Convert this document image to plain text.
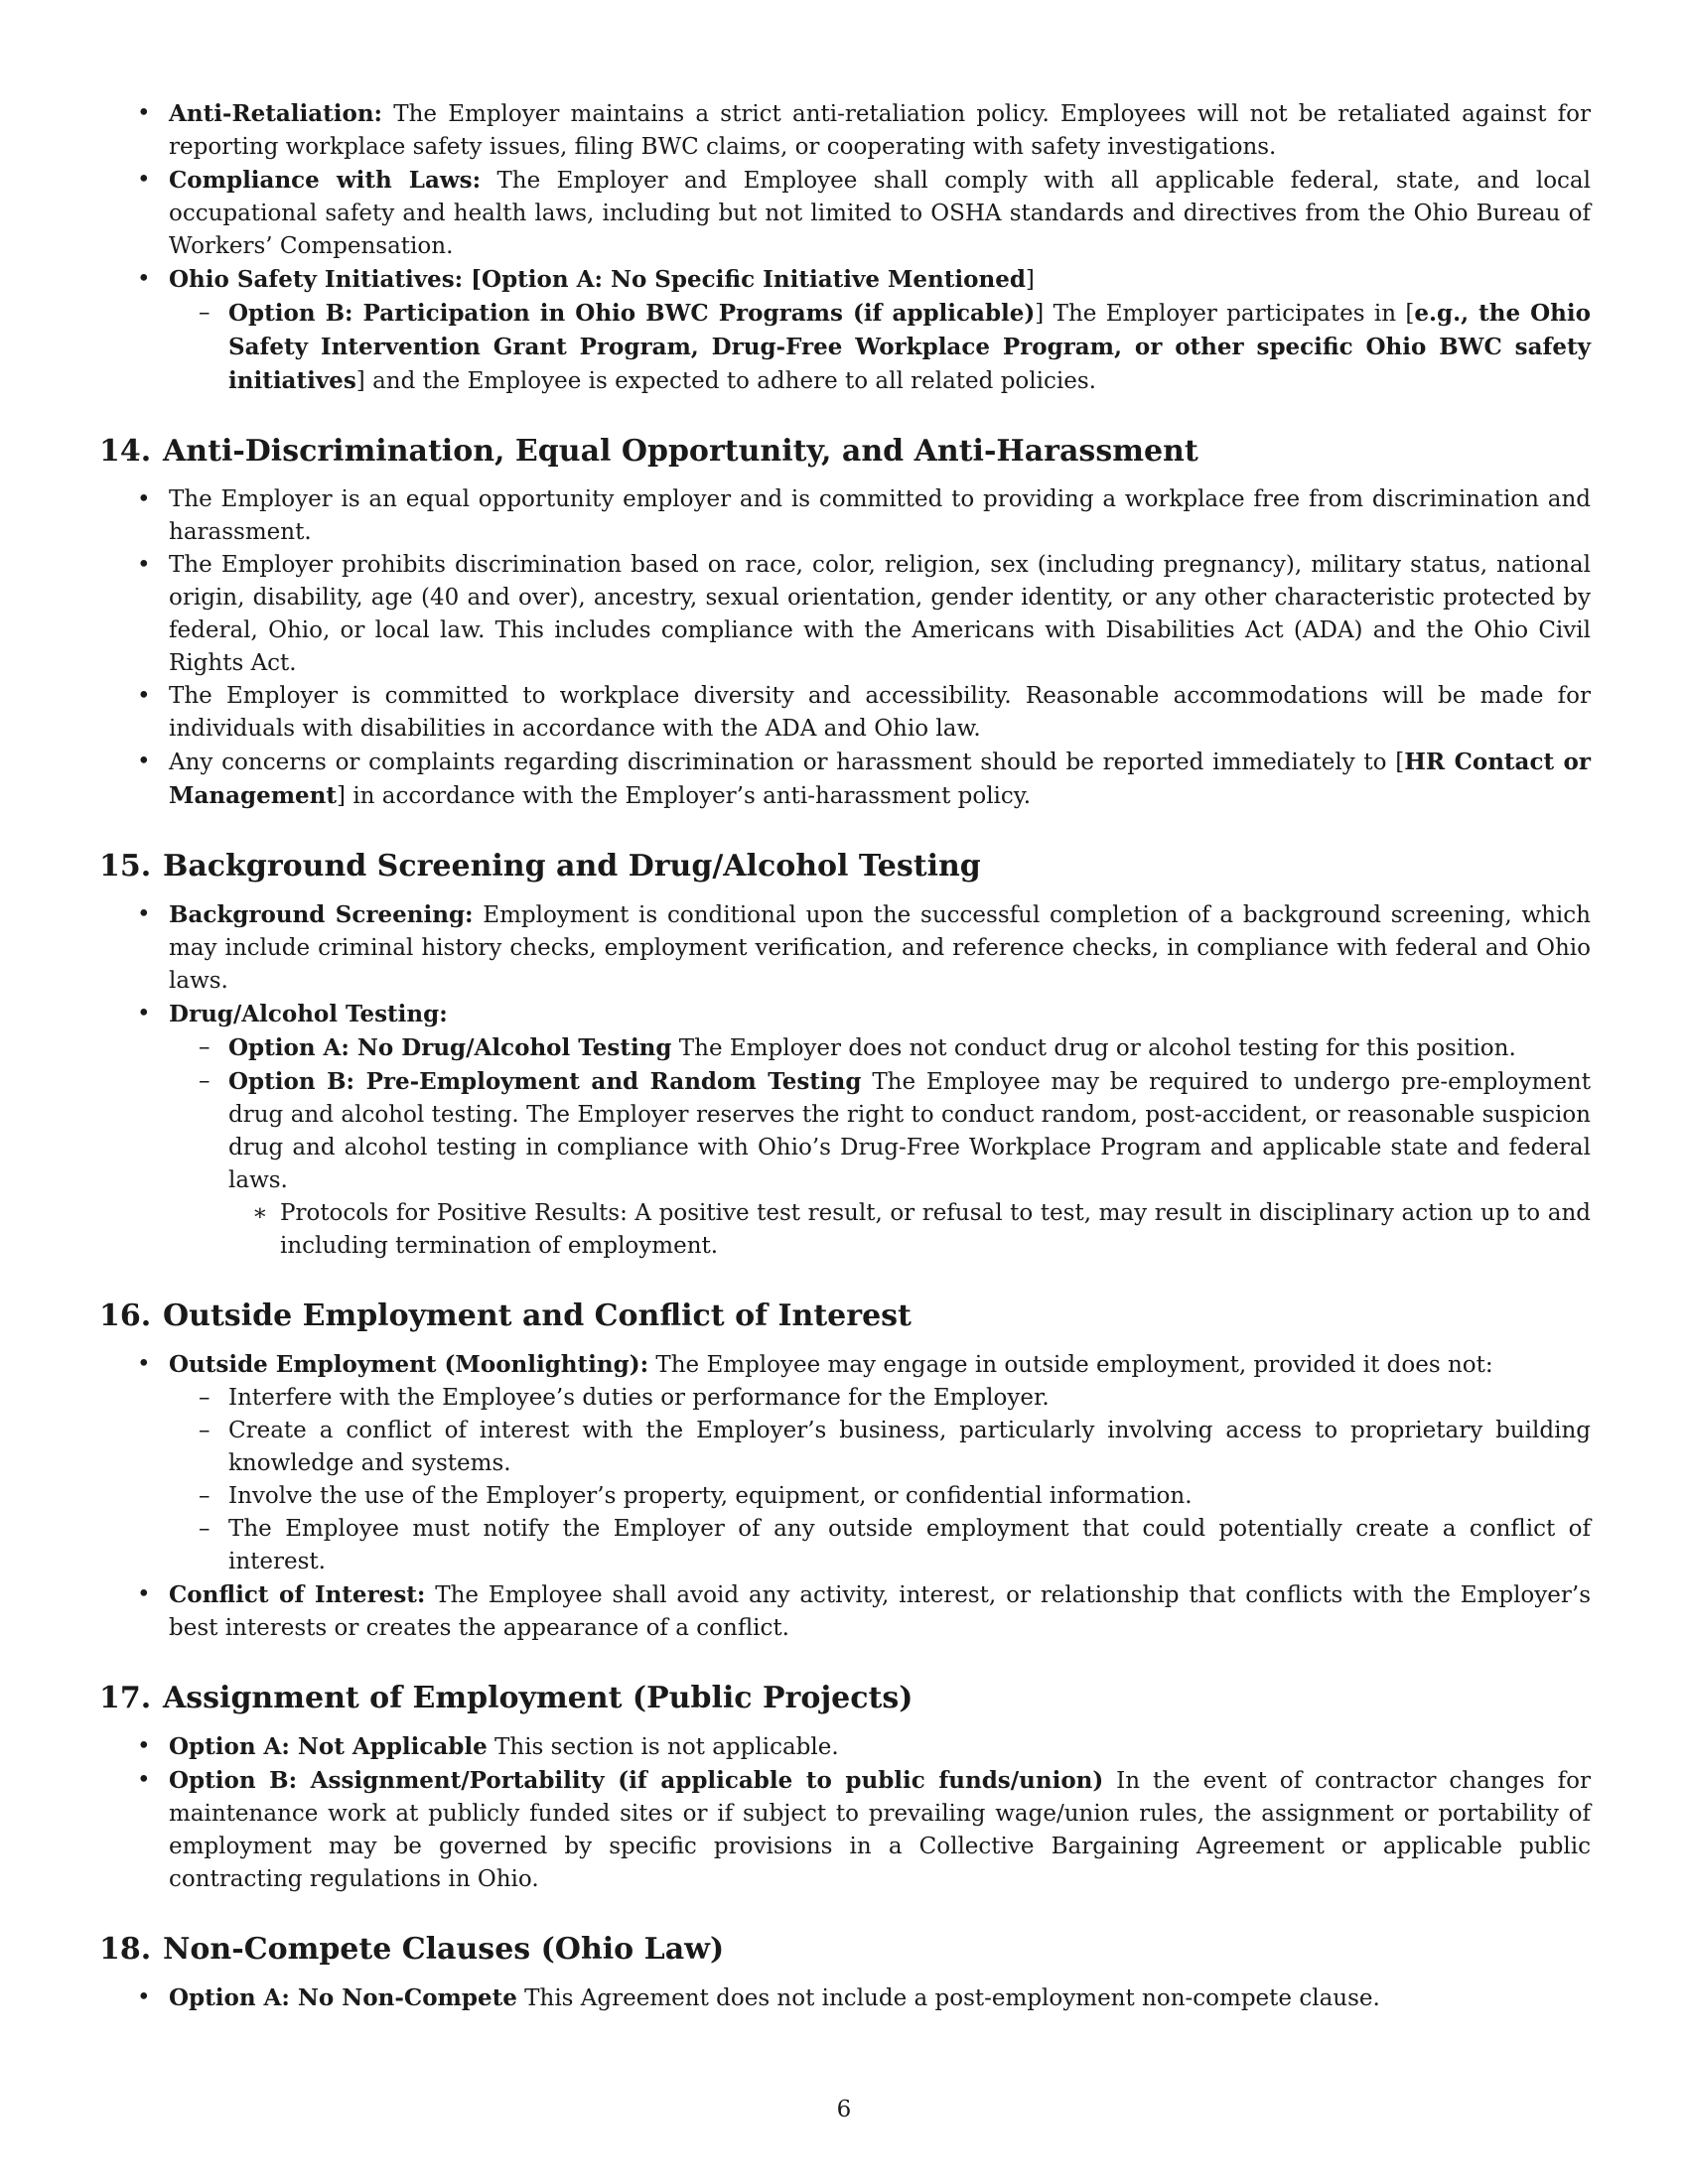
• Anti-Retaliation: The Employer maintains a strict anti-retaliation policy. Employees will not be retaliated against for reporting workplace safety issues, filing BWC claims, or cooperating with safety investigations.
• Compliance with Laws: The Employer and Employee shall comply with all applicable federal, state, and local occupational safety and health laws, including but not limited to OSHA standards and directives from the Ohio Bureau of Workers’ Compensation.
• Ohio Safety Initiatives: [Option A: No Specific Initiative Mentioned]
– Option B: Participation in Ohio BWC Programs (if applicable)] The Employer participates in [e.g., the Ohio Safety Intervention Grant Program, Drug-Free Workplace Program, or other specific Ohio BWC safety initiatives] and the Employee is expected to adhere to all related policies.
14. Anti-Discrimination, Equal Opportunity, and Anti-Harassment
• The Employer is an equal opportunity employer and is committed to providing a workplace free from discrimination and harassment.
• The Employer prohibits discrimination based on race, color, religion, sex (including pregnancy), military status, national origin, disability, age (40 and over), ancestry, sexual orientation, gender identity, or any other characteristic protected by federal, Ohio, or local law. This includes compliance with the Americans with Disabilities Act (ADA) and the Ohio Civil Rights Act.
• The Employer is committed to workplace diversity and accessibility. Reasonable accommodations will be made for individuals with disabilities in accordance with the ADA and Ohio law.
• Any concerns or complaints regarding discrimination or harassment should be reported immediately to [HR Contact or Management] in accordance with the Employer’s anti-harassment policy.
15. Background Screening and Drug/Alcohol Testing
• Background Screening: Employment is conditional upon the successful completion of a background screening, which may include criminal history checks, employment verification, and reference checks, in compliance with federal and Ohio laws.
• Drug/Alcohol Testing:
– Option A: No Drug/Alcohol Testing The Employer does not conduct drug or alcohol testing for this position.
– Option B: Pre-Employment and Random Testing The Employee may be required to undergo pre-employment drug and alcohol testing. The Employer reserves the right to conduct random, post-accident, or reasonable suspicion drug and alcohol testing in compliance with Ohio’s Drug-Free Workplace Program and applicable state and federal laws.
∗ Protocols for Positive Results: A positive test result, or refusal to test, may result in disciplinary action up to and including termination of employment.
16. Outside Employment and Conflict of Interest
• Outside Employment (Moonlighting): The Employee may engage in outside employment, provided it does not:
– Interfere with the Employee’s duties or performance for the Employer.
– Create a conflict of interest with the Employer’s business, particularly involving access to proprietary building knowledge and systems.
– Involve the use of the Employer’s property, equipment, or confidential information.
– The Employee must notify the Employer of any outside employment that could potentially create a conflict of interest.
• Conflict of Interest: The Employee shall avoid any activity, interest, or relationship that conflicts with the Employer’s best interests or creates the appearance of a conflict.
17. Assignment of Employment (Public Projects)
• Option A: Not Applicable This section is not applicable.
• Option B: Assignment/Portability (if applicable to public funds/union) In the event of contractor changes for maintenance work at publicly funded sites or if subject to prevailing wage/union rules, the assignment or portability of employment may be governed by specific provisions in a Collective Bargaining Agreement or applicable public contracting regulations in Ohio.
18. Non-Compete Clauses (Ohio Law)
• Option A: No Non-Compete This Agreement does not include a post-employment non-compete clause.
6
